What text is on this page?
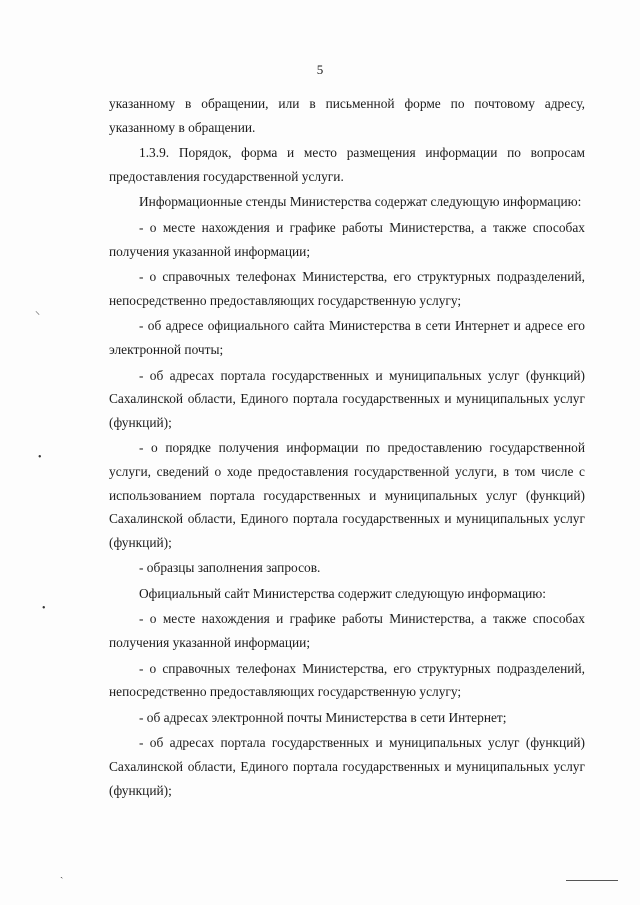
5

указанному в обращении, или в письменной форме по почтовому адресу, указанному в обращении.

1.3.9. Порядок, форма и место размещения информации по вопросам предоставления государственной услуги.

Информационные стенды Министерства содержат следующую информацию:

- о месте нахождения и графике работы Министерства, а также способах получения указанной информации;

- о справочных телефонах Министерства, его структурных подразделений, непосредственно предоставляющих государственную услугу;

- об адресе официального сайта Министерства в сети Интернет и адресе его электронной почты;

- об адресах портала государственных и муниципальных услуг (функций) Сахалинской области, Единого портала государственных и муниципальных услуг (функций);

- о порядке получения информации по предоставлению государственной услуги, сведений о ходе предоставления государственной услуги, в том числе с использованием портала государственных и муниципальных услуг (функций) Сахалинской области, Единого портала государственных и муниципальных услуг (функций);

- образцы заполнения запросов.

Официальный сайт Министерства содержит следующую информацию:

- о месте нахождения и графике работы Министерства, а также способах получения указанной информации;

- о справочных телефонах Министерства, его структурных подразделений, непосредственно предоставляющих государственную услугу;

- об адресах электронной почты Министерства в сети Интернет;

- об адресах портала государственных и муниципальных услуг (функций) Сахалинской области, Единого портала государственных и муниципальных услуг (функций);

⸜
•
•
ˏ
